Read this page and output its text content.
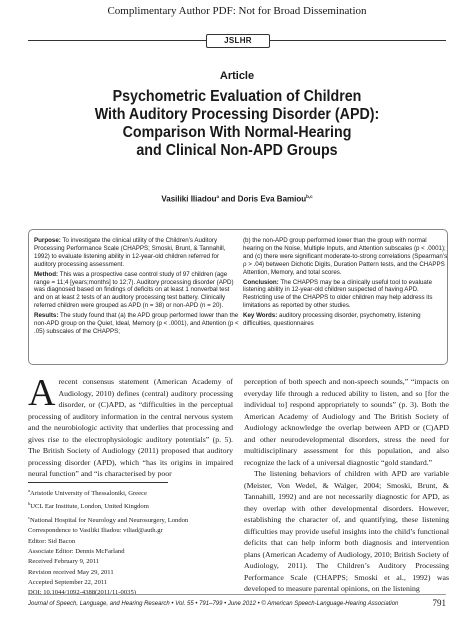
Complimentary Author PDF: Not for Broad Dissemination
JSLHR
Article
Psychometric Evaluation of Children
With Auditory Processing Disorder (APD):
Comparison With Normal-Hearing
and Clinical Non-APD Groups
Vasiliki Iliadou$^a$ and Doris Eva Bamiou$^{b,c}$

Purpose: To investigate the clinical utility of the Children’s Auditory Processing Performance Scale (CHAPPS; Smoski, Brunt, & Tannahill, 1992) to evaluate listening ability in 12-year-old children referred for auditory processing assessment.

Method: This was a prospective case control study of 97 children (age range = 11;4 [years;months] to 12;7). Auditory processing disorder (APD) was diagnosed based on findings of deficits on at least 1 nonverbal test and on at least 2 tests of an auditory processing test battery. Clinically referred children were grouped as APD (n = 38) or non-APD (n = 20).

Results: The study found that (a) the APD group performed lower than the non-APD group on the Quiet, Ideal, Memory (p < .0001), and Attention (p < .05) subscales of the CHAPPS;

(b) the non-APD group performed lower than the group with normal hearing on the Noise, Multiple Inputs, and Attention subscales (p < .0001); and (c) there were significant moderate-to-strong correlations (Spearman’s ρ > .04) between Dichotic Digits, Duration Pattern tests, and the CHAPPS Attention, Memory, and total scores.

Conclusion: The CHAPPS may be a clinically useful tool to evaluate listening ability in 12-year-old children suspected of having APD. Restricting use of the CHAPPS to older children may help address its limitations as reported by other studies.

Key Words: auditory processing disorder, psychometry, listening difficulties, questionnaires

Arecent consensus statement (American Academy of Audiology, 2010) defines (central) auditory processing disorder, or (C)APD, as “difficulties in the perceptual processing of auditory information in the central nervous system and the neurobiologic activity that underlies that processing and gives rise to the electrophysiologic auditory potentials” (p. 5). The British Society of Audiology (2011) proposed that auditory processing disorder (APD), which “has its origins in impaired neural function” and “is characterised by poor

perception of both speech and non-speech sounds,” “impacts on everyday life through a reduced ability to listen, and so [for the individual to] respond appropriately to sounds” (p. 3). Both the American Academy of Audiology and The British Society of Audiology acknowledge the overlap between APD or (C)APD and other neurodevelopmental disorders, stress the need for multidisciplinary assessment for this population, and also recognize the lack of a universal diagnostic “gold standard.”

The listening behaviors of children with APD are variable (Meister, Von Wedel, & Walger, 2004; Smoski, Brunt, & Tannahill, 1992) and are not necessarily diagnostic for APD, as they overlap with other developmental disorders. However, establishing the character of, and quantifying, these listening difficulties may provide useful insights into the child’s functional deficits that can help inform both diagnosis and intervention plans (American Academy of Audiology, 2010; British Society of Audiology, 2011). The Children’s Auditory Processing Performance Scale (CHAPPS; Smoski et al., 1992) was developed to measure parental opinions, on the listening

$^a$Aristotle University of Thessaloniki, Greece
$^b$UCL Ear Institute, London, United Kingdom
$^c$National Hospital for Neurology and Neurosurgery, London
Correspondence to Vasiliki Iliadou: viliad@auth.gr
Editor: Sid Bacon
Associate Editor: Dennis McFarland
Received February 9, 2011
Revision received May 29, 2011
Accepted September 22, 2011
DOI: 10.1044/1092-4388(2011/11-0035)
Journal of Speech, Language, and Hearing Research • Vol. 55 • 791–799 • June 2012 • © American Speech-Language-Hearing Association	791
